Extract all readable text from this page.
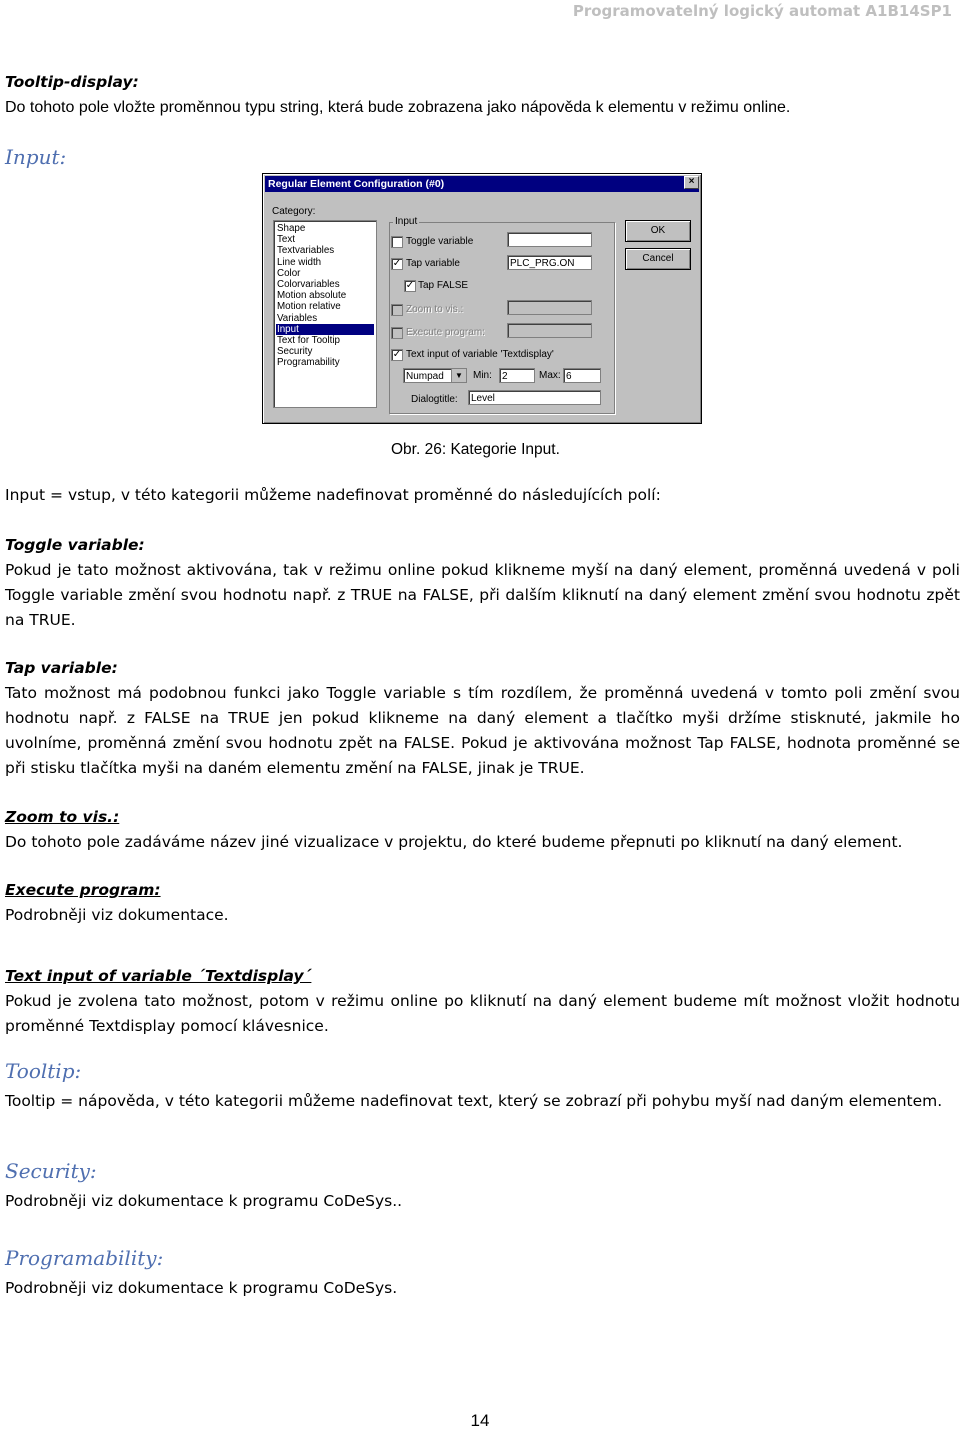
Programovatelný logický automat A1B14SP1
Tooltip-display:
Do tohoto pole vložte proměnnou typu string, která bude zobrazena jako nápověda k elementu v režimu online.
Input:
Regular Element Configuration (#0)	×
Category:
Shape
Text
Textvariables
Line width
Color
Colorvariables
Motion absolute
Motion relative
Variables
Input
Text for Tooltip
Security
Programability
Input
Toggle variable
✓ Tap variable	PLC_PRG.ON
✓ Tap FALSE
Zoom to vis.:
Execute program:
✓ Text input of variable 'Textdisplay'
Numpad	▼	Min:	2	Max: 6
Dialogtitle:	Level
OK
Cancel
Obr. 26: Kategorie Input.
Input = vstup, v této kategorii můžeme nadefinovat proměnné do následujících polí:
Toggle variable:
Pokud je tato možnost aktivována, tak v režimu online pokud klikneme myší na daný element, proměnná uvedená v poli Toggle variable změní svou hodnotu např. z TRUE na FALSE, při dalším kliknutí na daný element změní svou hodnotu zpět na TRUE.
Tap variable:
Tato možnost má podobnou funkci jako Toggle variable s tím rozdílem, že proměnná uvedená v tomto poli změní svou hodnotu např. z FALSE na TRUE jen pokud klikneme na daný element a tlačítko myši držíme stisknuté, jakmile ho uvolníme, proměnná změní svou hodnotu zpět na FALSE. Pokud je aktivována možnost Tap FALSE, hodnota proměnné se při stisku tlačítka myši na daném elementu změní na FALSE, jinak je TRUE.
Zoom to vis.:
Do tohoto pole zadáváme název jiné vizualizace v projektu, do které budeme přepnuti po kliknutí na daný element.
Execute program:
Podrobněji viz dokumentace.
Text input of variable ´Textdisplay´
Pokud je zvolena tato možnost, potom v režimu online po kliknutí na daný element budeme mít možnost vložit hodnotu proměnné Textdisplay pomocí klávesnice.
Tooltip:
Tooltip = nápověda, v této kategorii můžeme nadefinovat text, který se zobrazí při pohybu myší nad daným elementem.
Security:
Podrobněji viz dokumentace k programu CoDeSys..
Programability:
Podrobněji viz dokumentace k programu CoDeSys.
14
